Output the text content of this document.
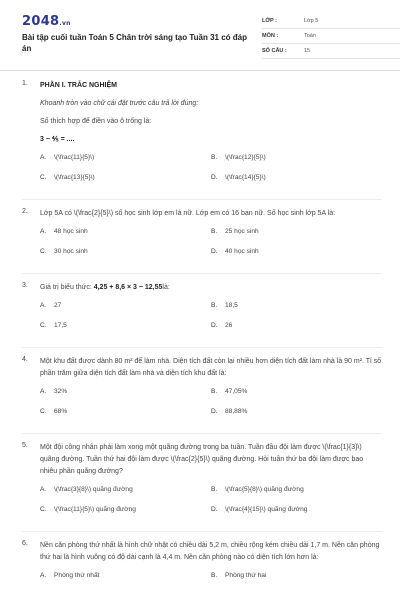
2048.vn
Bài tập cuối tuần Toán 5 Chân trời sáng tạo Tuần 31 có đáp án
LỚP :	Lớp 5
MÔN :	Toán
SỐ CÂU :	15
1. PHẦN I. TRẮC NGHIỆM
Khoanh tròn vào chữ cái đặt trước câu trả lời đúng:
Số thích hợp để điền vào ô trống là:
3 − ⅘ = ....
A.	\(\frac{11}{5}\)	B.	\(\frac{12}{5}\)
C.	\(\frac{13}{5}\)	D.	\(\frac{14}{5}\)
2. Lớp 5A có \(\frac{2}{5}\) số học sinh lớp em là nữ. Lớp em có 16 bạn nữ. Số học sinh lớp 5A là:
A.	48 học sinh	B.	25 học sinh
C.	30 học sinh	D.	40 học sinh
3. Giá trị biểu thức: 4,25 + 8,6 × 3 − 12,55là:
A.	27	B.	18,5
C.	17,5	D.	26
4. Một khu đất được dành 80 m² để làm nhà. Diện tích đất còn lại nhiều hơn diện tích đất làm nhà là 90 m². Tỉ số phần trăm giữa diện tích đất làm nhà và diện tích khu đất là:
A.	32%	B.	47,05%
C.	68%	D.	88,88%
5. Một đội công nhân phải làm xong một quãng đường trong ba tuần. Tuần đầu đội làm được \(\frac{1}{3}\) quãng đường. Tuần thứ hai đội làm được \(\frac{2}{5}\) quãng đường. Hỏi tuần thứ ba đội làm được bao nhiêu phần quãng đường?
A.	\(\frac{3}{8}\) quãng đường	B.	\(\frac{5}{8}\) quãng đường
C.	\(\frac{11}{5}\) quãng đường	D.	\(\frac{4}{15}\) quãng đường
6. Nền căn phòng thứ nhất là hình chữ nhật có chiều dài 5,2 m, chiều rộng kém chiều dài 1,7 m. Nền căn phòng thứ hai là hình vuông có độ dài cạnh là 4,4 m. Nền căn phòng nào có diện tích lớn hơn là:
A.	Phòng thứ nhất	B.	Phòng thứ hai
